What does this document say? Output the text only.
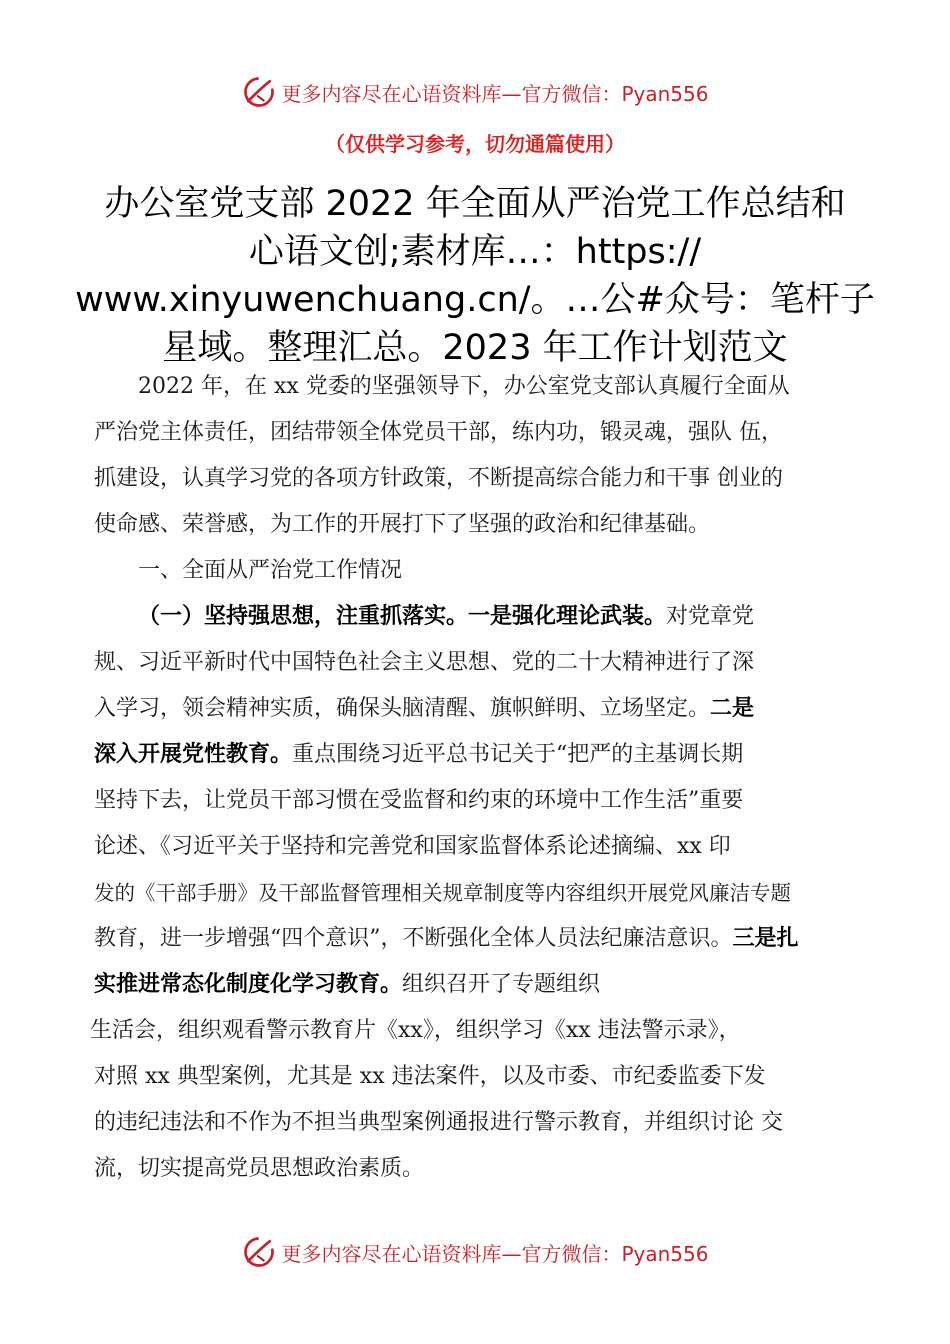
更多内容尽在心语资料库—官方微信：Pyan556
（仅供学习参考，切勿通篇使用）
办公室党支部 2022 年全面从严治党工作总结和
心语文创;素材库…：https://
www.xinyuwenchuang.cn/。…公#众号：笔杆子
星域。整理汇总。2023 年工作计划范文

2022 年，在 xx 党委的坚强领导下，办公室党支部认真履行全面从
严治党主体责任，团结带领全体党员干部，练内功，锻灵魂，强队 伍，
抓建设，认真学习党的各项方针政策，不断提高综合能力和干事 创业的
使命感、荣誉感，为工作的开展打下了坚强的政治和纪律基础。

一、全面从严治党工作情况

（一）坚持强思想，注重抓落实。一是强化理论武装。对党章党
规、习近平新时代中国特色社会主义思想、党的二十大精神进行了深
入学习，领会精神实质，确保头脑清醒、旗帜鲜明、立场坚定。二是
深入开展党性教育。重点围绕习近平总书记关于“把严的主基调长期
坚持下去，让党员干部习惯在受监督和约束的环境中工作生活”重要
论述、《习近平关于坚持和完善党和国家监督体系论述摘编、xx 印
发的《干部手册》及干部监督管理相关规章制度等内容组织开展党风廉洁专题
教育，进一步增强“四个意识”，不断强化全体人员法纪廉洁意识。三是扎
实推进常态化制度化学习教育。组织召开了专题组织
生活会，组织观看警示教育片《xx》，组织学习《xx 违法警示录》，
对照 xx 典型案例，尤其是 xx 违法案件，以及市委、市纪委监委下发
的违纪违法和不作为不担当典型案例通报进行警示教育，并组织讨论 交
流，切实提高党员思想政治素质。

更多内容尽在心语资料库—官方微信：Pyan556
